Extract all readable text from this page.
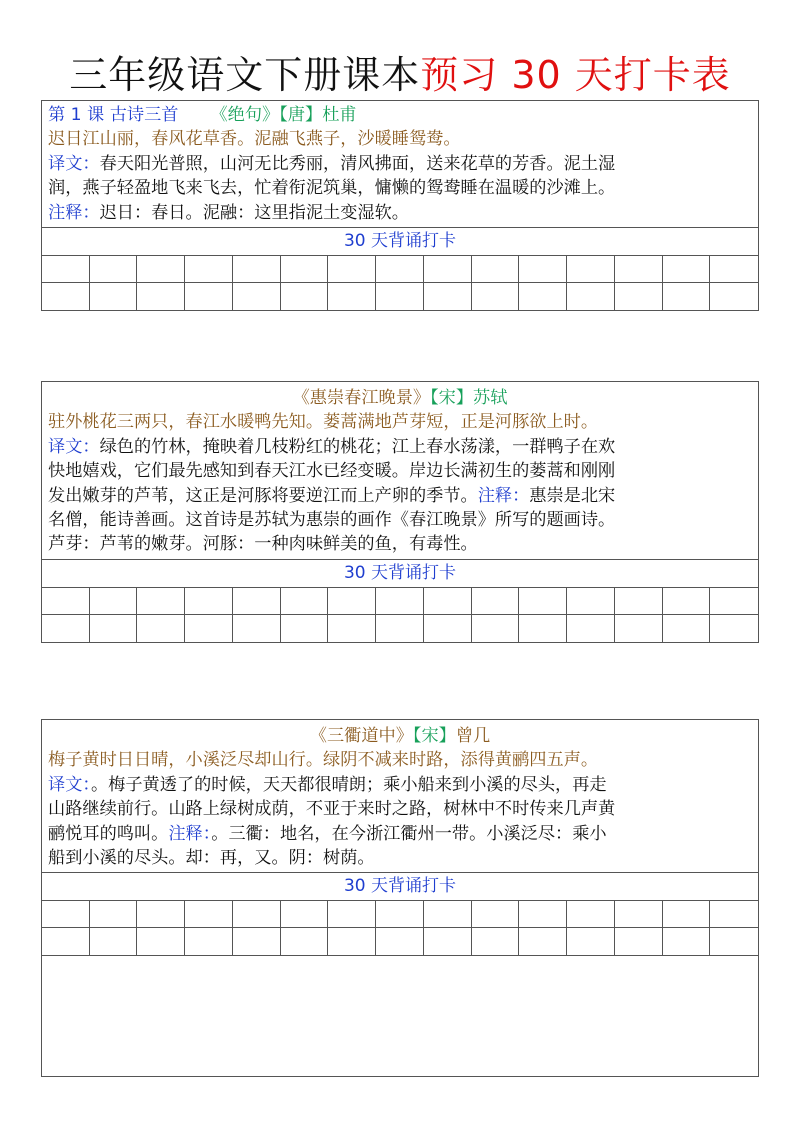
三年级语文下册课本预习 30 天打卡表
第 1 课 古诗三首 《绝句》【唐】杜甫
迟日江山丽，春风花草香。泥融飞燕子，沙暖睡鸳鸯。
译文：春天阳光普照，山河无比秀丽，清风拂面，送来花草的芳香。泥土湿
润，燕子轻盈地飞来飞去，忙着衔泥筑巢，慵懒的鸳鸯睡在温暖的沙滩上。
注释：迟日：春日。泥融：这里指泥土变湿软。
30 天背诵打卡
《惠崇春江晚景》【宋】苏轼
驻外桃花三两只，春江水暖鸭先知。蒌蒿满地芦芽短，正是河豚欲上时。
译文：绿色的竹林，掩映着几枝粉红的桃花；江上春水荡漾，一群鸭子在欢
快地嬉戏，它们最先感知到春天江水已经变暖。岸边长满初生的蒌蒿和刚刚
发出嫩芽的芦苇，这正是河豚将要逆江而上产卵的季节。注释：惠崇是北宋
名僧，能诗善画。这首诗是苏轼为惠崇的画作《春江晚景》所写的题画诗。
芦芽：芦苇的嫩芽。河豚：一种肉味鲜美的鱼，有毒性。
30 天背诵打卡
《三衢道中》【宋】曾几
梅子黄时日日晴，小溪泛尽却山行。绿阴不减来时路，添得黄鹂四五声。
译文：。梅子黄透了的时候，天天都很晴朗；乘小船来到小溪的尽头，再走
山路继续前行。山路上绿树成荫，不亚于来时之路，树林中不时传来几声黄
鹂悦耳的鸣叫。注释：。三衢：地名，在今浙江衢州一带。小溪泛尽：乘小
船到小溪的尽头。却：再，又。阴：树荫。
30 天背诵打卡
